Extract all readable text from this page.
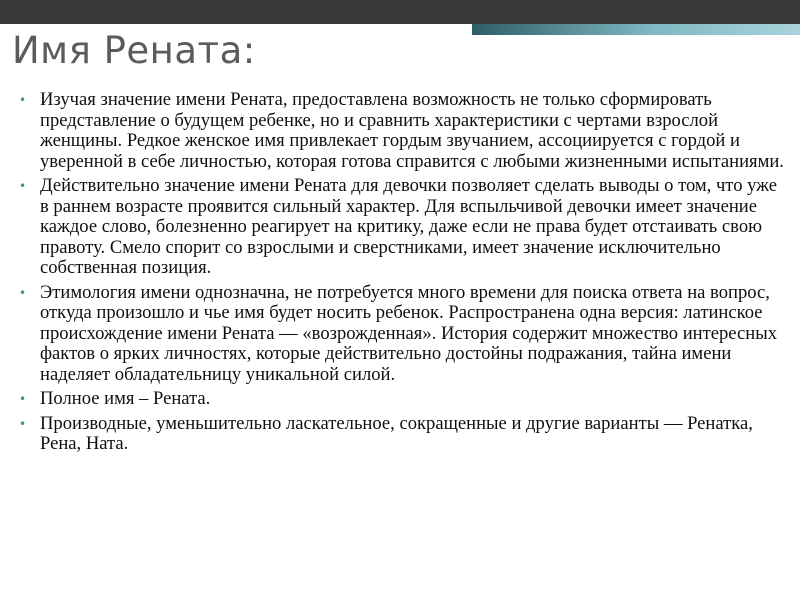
Имя Рената:
• Изучая значение имени Рената, предоставлена возможность не только сформировать представление о будущем ребенке, но и сравнить характеристики с чертами взрослой женщины. Редкое женское имя привлекает гордым звучанием, ассоциируется с гордой и уверенной в себе личностью, которая готова справится с любыми жизненными испытаниями.
• Действительно значение имени Рената для девочки позволяет сделать выводы о том, что уже в раннем возрасте проявится сильный характер. Для вспыльчивой девочки имеет значение каждое слово, болезненно реагирует на критику, даже если не права будет отстаивать свою правоту. Смело спорит со взрослыми и сверстниками, имеет значение исключительно собственная позиция.
• Этимология имени однозначна, не потребуется много времени для поиска ответа на вопрос, откуда произошло и чье имя будет носить ребенок. Распространена одна версия: латинское происхождение имени Рената — «возрожденная». История содержит множество интересных фактов о ярких личностях, которые действительно достойны подражания, тайна имени наделяет обладательницу уникальной силой.
• Полное имя – Рената.
• Производные, уменьшительно ласкательное, сокращенные и другие варианты — Ренатка, Рена, Ната.
